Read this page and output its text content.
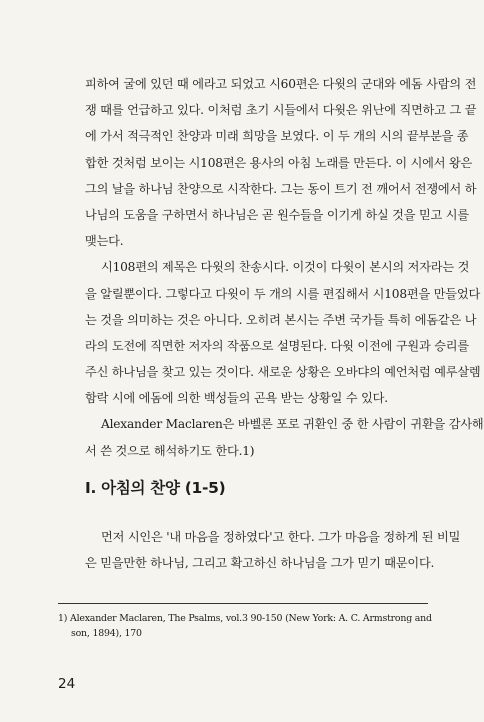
피하여 굴에 있던 때 에라고 되었고 시60편은 다윗의 군대와 에돔 사람의 전
쟁 때를 언급하고 있다. 이처럼 초기 시들에서 다윗은 위난에 직면하고 그 끝
에 가서 적극적인 찬양과 미래 희망을 보였다. 이 두 개의 시의 끝부분을 종
합한 것처럼 보이는 시108편은 용사의 아침 노래를 만든다. 이 시에서 왕은
그의 날을 하나님 찬양으로 시작한다. 그는 동이 트기 전 깨어서 전쟁에서 하
나님의 도움을 구하면서 하나님은 곧 원수들을 이기게 하실 것을 믿고 시를
맺는다.
시108편의 제목은 다윗의 찬송시다. 이것이 다윗이 본시의 저자라는 것
을 알릴뿐이다. 그렇다고 다윗이 두 개의 시를 편집해서 시108편을 만들었다
는 것을 의미하는 것은 아니다. 오히려 본시는 주변 국가들 특히 에돔같은 나
라의 도전에 직면한 저자의 작품으로 설명된다. 다윗 이전에 구원과 승리를
주신 하나님을 찾고 있는 것이다. 새로운 상황은 오바댜의 예언처럼 예루살렘
함락 시에 에돔에 의한 백성들의 곤욕 받는 상황일 수 있다.
Alexander Maclaren은 바벨론 포로 귀환인 중 한 사람이 귀환을 감사해
서 쓴 것으로 해석하기도 한다.1)
Ⅰ. 아침의 찬양 (1-5)
먼저 시인은 '내 마음을 정하였다'고 한다. 그가 마음을 정하게 된 비밀
은 믿을만한 하나님, 그리고 확고하신 하나님을 그가 믿기 때문이다.
1) Alexander Maclaren, The Psalms, vol.3 90-150 (New York: A. C. Armstrong and
son, 1894), 170
24
